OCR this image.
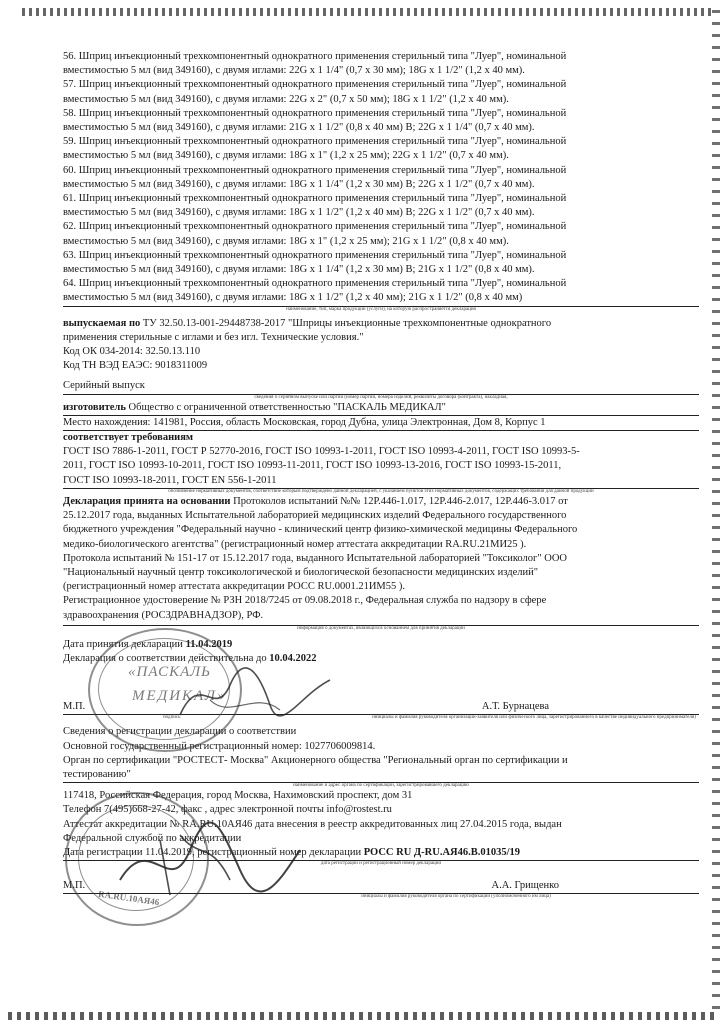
56. Шприц инъекционный трехкомпонентный однократного применения стерильный типа "Луер", номинальной
вместимостью 5 мл (вид 349160), с двумя иглами: 22G x 1 1/4" (0,7 x 30 мм); 18G x 1 1/2" (1,2 x 40 мм).

57. Шприц инъекционный трехкомпонентный однократного применения стерильный типа "Луер", номинальной
вместимостью 5 мл (вид 349160), с двумя иглами: 22G x 2" (0,7 x 50 мм); 18G x 1 1/2" (1,2 x 40 мм).

58. Шприц инъекционный трехкомпонентный однократного применения стерильный типа "Луер", номинальной
вместимостью 5 мл (вид 349160), с двумя иглами: 21G x 1 1/2" (0,8 x 40 мм) B; 22G x 1 1/4" (0,7 x 40 мм).

59. Шприц инъекционный трехкомпонентный однократного применения стерильный типа "Луер", номинальной
вместимостью 5 мл (вид 349160), с двумя иглами: 18G x 1" (1,2 x 25 мм); 22G x 1 1/2" (0,7 x 40 мм).

60. Шприц инъекционный трехкомпонентный однократного применения стерильный типа "Луер", номинальной
вместимостью 5 мл (вид 349160), с двумя иглами: 18G x 1 1/4" (1,2 x 30 мм) B; 22G x 1 1/2" (0,7 x 40 мм).

61. Шприц инъекционный трехкомпонентный однократного применения стерильный типа "Луер", номинальной
вместимостью 5 мл (вид 349160), с двумя иглами: 18G x 1 1/2" (1,2 x 40 мм) B; 22G x 1 1/2" (0,7 x 40 мм).

62. Шприц инъекционный трехкомпонентный однократного применения стерильный типа "Луер", номинальной
вместимостью 5 мл (вид 349160), с двумя иглами: 18G x 1" (1,2 x 25 мм); 21G x 1 1/2" (0,8 x 40 мм).

63. Шприц инъекционный трехкомпонентный однократного применения стерильный типа "Луер", номинальной
вместимостью 5 мл (вид 349160), с двумя иглами: 18G x 1 1/4" (1,2 x 30 мм) B; 21G x 1 1/2" (0,8 x 40 мм).

64. Шприц инъекционный трехкомпонентный однократного применения стерильный типа "Луер", номинальной
вместимостью 5 мл (вид 349160), с двумя иглами: 18G x 1 1/2" (1,2 x 40 мм); 21G x 1 1/2" (0,8 x 40 мм)

наименование, тип, марка продукции (услуги), на которую распространяется декларация

выпускаемая по ТУ 32.50.13-001-29448738-2017 "Шприцы инъекционные трехкомпонентные однократного
применения стерильные с иглами и без игл. Технические условия."

Код ОК 034-2014: 32.50.13.110

Код ТН ВЭД ЕАЭС: 9018311009

Серийный выпуск

сведения о серийном выпуске или партии (номер партии, номера изделий, реквизиты договора (контракта), накладная,

изготовитель Общество с ограниченной ответственностью "ПАСКАЛЬ МЕДИКАЛ"

Место нахождения: 141981, Россия, область Московская, город Дубна, улица Электронная, Дом 8, Корпус 1

соответствует требованиям

ГОСТ ISO 7886-1-2011, ГОСТ Р 52770-2016, ГОСТ ISO 10993-1-2011, ГОСТ ISO 10993-4-2011, ГОСТ ISO 10993-5-
2011, ГОСТ ISO 10993-10-2011, ГОСТ ISO 10993-11-2011, ГОСТ ISO 10993-13-2016, ГОСТ ISO 10993-15-2011,
ГОСТ ISO 10993-18-2011, ГОСТ EN 556-1-2011

обозначение нормативных документов, соответствие которым подтверждено данной декларацией, с указанием пунктов этих нормативных документов, содержащих требования для данной продукции

Декларация принята на основании Протоколов испытаний №№ 12P.446-1.017, 12P.446-2.017, 12P.446-3.017 от
25.12.2017 года, выданных Испытательной лабораторией медицинских изделий Федерального государственного
бюджетного учреждения "Федеральный научно - клинический центр физико-химической медицины Федерального
медико-биологического агентства" (регистрационный номер аттестата аккредитации RA.RU.21МИ25 ).
Протокола испытаний № 151-17 от 15.12.2017 года, выданного Испытательной лабораторией "Токсиколог" ООО
"Национальный научный центр токсикологической и биологической безопасности медицинских изделий"
(регистрационный номер аттестата аккредитации РОСС RU.0001.21ИМ55 ).
Регистрационное удостоверение № РЗН 2018/7245 от 09.08.2018 г., Федеральная служба по надзору в сфере
здравоохранения (РОСЗДРАВНАДЗОР), РФ.

информация о документах, являющихся основанием для принятия декларации

Дата принятия декларации 11.04.2019

Декларация о соответствии действительна до 10.04.2022

М.П.	А.Т. Бурнацева
подпись	инициалы и фамилия руководителя организации-заявителя или физического лица, зарегистрированного в качестве индивидуального предпринимателя)

Сведения о регистрации декларации о соответствии

Основной государственный регистрационный номер: 1027706009814.

Орган по сертификации "РОСТЕСТ- Москва" Акционерного общества "Региональный орган по сертификации и
тестированию"

наименование и адрес органа по сертификации, зарегистрировавшего декларацию

117418, Российская Федерация, город Москва, Нахимовский проспект, дом 31

Телефон 7(495)668-27-42, факс , адрес электронной почты info@rostest.ru

Аттестат аккредитации № RA.RU.10АЯ46 дата внесения в реестр аккредитованных лиц 27.04.2015 года, выдан
Федеральной службой по аккредитации

Дата регистрации 11.04.2019, регистрационный номер декларации РОСС RU Д-RU.АЯ46.В.01035/19

дата регистрации и регистрационный номер декларации

М.П.	А.А. Грищенко

инициалы и фамилия руководителя органа по сертификации (уполномоченного им лица)

«ПАСКАЛЬ
МЕДИКАЛ»
RA.RU.10АЯ46
